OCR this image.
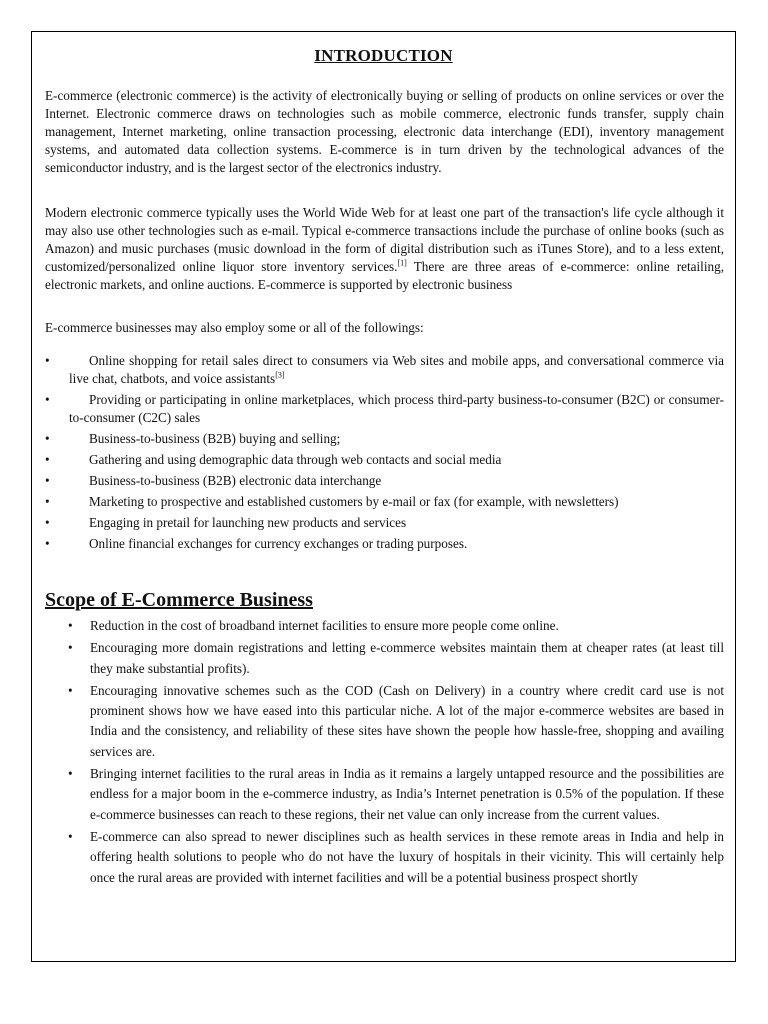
INTRODUCTION

E-commerce (electronic commerce) is the activity of electronically buying or selling of products on online services or over the Internet. Electronic commerce draws on technologies such as mobile commerce, electronic funds transfer, supply chain management, Internet marketing, online transaction processing, electronic data interchange (EDI), inventory management systems, and automated data collection systems. E-commerce is in turn driven by the technological advances of the semiconductor industry, and is the largest sector of the electronics industry.

Modern electronic commerce typically uses the World Wide Web for at least one part of the transaction's life cycle although it may also use other technologies such as e-mail. Typical e-commerce transactions include the purchase of online books (such as Amazon) and music purchases (music download in the form of digital distribution such as iTunes Store), and to a less extent, customized/personalized online liquor store inventory services.[1] There are three areas of e-commerce: online retailing, electronic markets, and online auctions. E-commerce is supported by electronic business

E-commerce businesses may also employ some or all of the followings:

•	Online shopping for retail sales direct to consumers via Web sites and mobile apps, and conversational commerce via live chat, chatbots, and voice assistants[3]
•	Providing or participating in online marketplaces, which process third-party business-to-consumer (B2C) or consumer-to-consumer (C2C) sales
•	Business-to-business (B2B) buying and selling;
•	Gathering and using demographic data through web contacts and social media
•	Business-to-business (B2B) electronic data interchange
•	Marketing to prospective and established customers by e-mail or fax (for example, with newsletters)
•	Engaging in pretail for launching new products and services
•	Online financial exchanges for currency exchanges or trading purposes.
Scope of E-Commerce Business
• Reduction in the cost of broadband internet facilities to ensure more people come online.
• Encouraging more domain registrations and letting e-commerce websites maintain them at cheaper rates (at least till they make substantial profits).
• Encouraging innovative schemes such as the COD (Cash on Delivery) in a country where credit card use is not prominent shows how we have eased into this particular niche. A lot of the major e-commerce websites are based in India and the consistency, and reliability of these sites have shown the people how hassle-free, shopping and availing services are.
• Bringing internet facilities to the rural areas in India as it remains a largely untapped resource and the possibilities are endless for a major boom in the e-commerce industry, as India’s Internet penetration is 0.5% of the population. If these e-commerce businesses can reach to these regions, their net value can only increase from the current values.
• E-commerce can also spread to newer disciplines such as health services in these remote areas in India and help in offering health solutions to people who do not have the luxury of hospitals in their vicinity. This will certainly help once the rural areas are provided with internet facilities and will be a potential business prospect shortly
